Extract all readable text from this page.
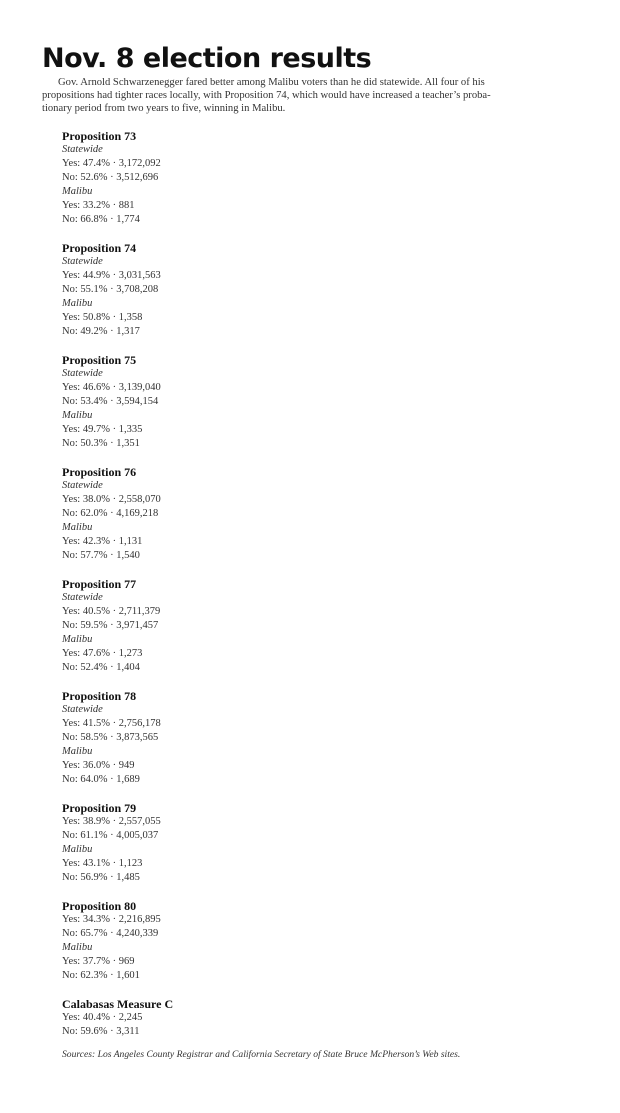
Nov. 8 election results
Gov. Arnold Schwarzenegger fared better among Malibu voters than he did statewide. All four of his
propositions had tighter races locally, with Proposition 74, which would have increased a teacher’s proba-
tionary period from two years to five, winning in Malibu.

Proposition 73

Statewide

Yes: 47.4% · 3,172,092

No: 52.6% · 3,512,696

Malibu

Yes: 33.2% · 881

No: 66.8% · 1,774

Proposition 74

Statewide

Yes: 44.9% · 3,031,563

No: 55.1% · 3,708,208

Malibu

Yes: 50.8% · 1,358

No: 49.2% · 1,317

Proposition 75

Statewide

Yes: 46.6% · 3,139,040

No: 53.4% · 3,594,154

Malibu

Yes: 49.7% · 1,335

No: 50.3% · 1,351

Proposition 76

Statewide

Yes: 38.0% · 2,558,070

No: 62.0% · 4,169,218

Malibu

Yes: 42.3% · 1,131

No: 57.7% · 1,540

Proposition 77

Statewide

Yes: 40.5% · 2,711,379

No: 59.5% · 3,971,457

Malibu

Yes: 47.6% · 1,273

No: 52.4% · 1,404

Proposition 78

Statewide

Yes: 41.5% · 2,756,178

No: 58.5% · 3,873,565

Malibu

Yes: 36.0% · 949

No: 64.0% · 1,689

Proposition 79

Yes: 38.9% · 2,557,055

No: 61.1% · 4,005,037

Malibu

Yes: 43.1% · 1,123

No: 56.9% · 1,485

Proposition 80

Yes: 34.3% · 2,216,895

No: 65.7% · 4,240,339

Malibu

Yes: 37.7% · 969

No: 62.3% · 1,601

Calabasas Measure C

Yes: 40.4% · 2,245

No: 59.6% · 3,311

Sources: Los Angeles County Registrar and California Secretary of State Bruce McPherson’s Web sites.
